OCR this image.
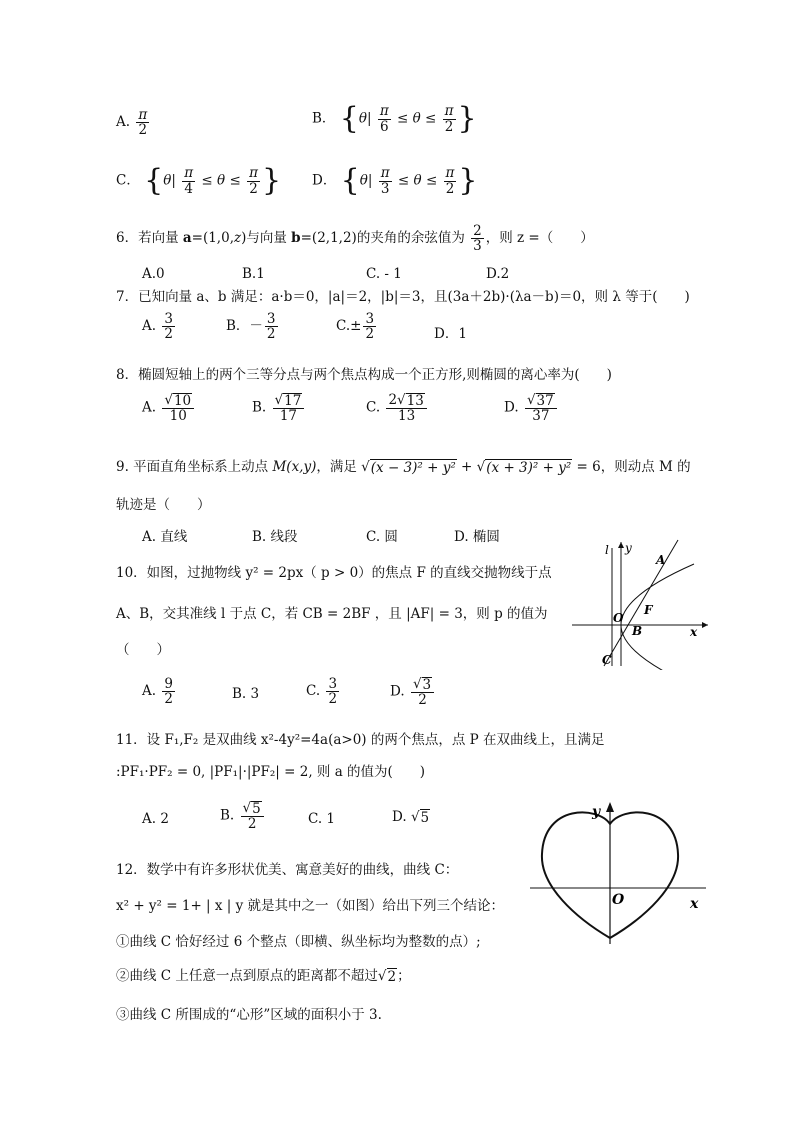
A. $\frac{\pi}{2}$	B． {$\theta| \frac{\pi}{6} \le \theta \le \frac{\pi}{2}$ }
C． {$\theta| \frac{\pi}{4} \le \theta \le \frac{\pi}{2}$ } D． {$\theta| \frac{\pi}{3} \le \theta \le \frac{\pi}{2}$ }
6．若向量 a=(1,0,z)与向量 b=(2,1,2)的夹角的余弦值为 $\frac{2}{3}$ ，则 z =（　　）
A.0	B.1	C. - 1	D.2
7．已知向量 a、b 满足：a·b＝0，|a|＝2，|b|＝3，且(3a＋2b)·(λa－b)＝0，则 λ 等于(　　)
A. $\frac{3}{2}$	B．－ $\frac{3}{2}$	$C.\pm \frac{3}{2}$	D．1
8．椭圆短轴上的两个三等分点与两个焦点构成一个正方形,则椭圆的离心率为(　　)
A. $\frac{√ 10}{10}$	B. $\frac{√ 17}{17}$	C. $\frac{2√ 13}{13}$	D. $\frac{√ 37}{37}$
9. 平面直角坐标系上动点 M(x,y)，满足 √ (x − 3)² + y² + √ (x + 3)² + y² = 6，则动点 M 的
轨迹是（　　）
A. 直线	B. 线段	C. 圆	D. 椭圆
10．如图，过抛物线 y² = 2px（ p > 0）的焦点 F 的直线交抛物线于点
A、B，交其准线 l 于点 C，若 CB = 2BF ，且 |AF| = 3，则 p 的值为
（　　）
A. $\frac{9}{2}$	B. 3	C. $\frac{3}{2}$	D. $\frac{√ 3}{2}$
l y
A
F
O
B
C
x
11．设 F₁,F₂ 是双曲线 x²-4y²=4a(a>0) 的两个焦点，点 P 在双曲线上，且满足
:PF₁·PF₂ = 0, |PF₁|·|PF₂| = 2, 则 a 的值为(　　)
A. 2	B. $\frac{√ 5}{2}$	C. 1	D. √ 5	y
O	x
12．数学中有许多形状优美、寓意美好的曲线，曲线 C：
x² + y² = 1+ | x | y 就是其中之一（如图）给出下列三个结论：
①曲线 C 恰好经过 6 个整点（即横、纵坐标均为整数的点）;
②曲线 C 上任意一点到原点的距离都不超过√ 2 ；
③曲线 C 所围成的“心形”区域的面积小于 3.
